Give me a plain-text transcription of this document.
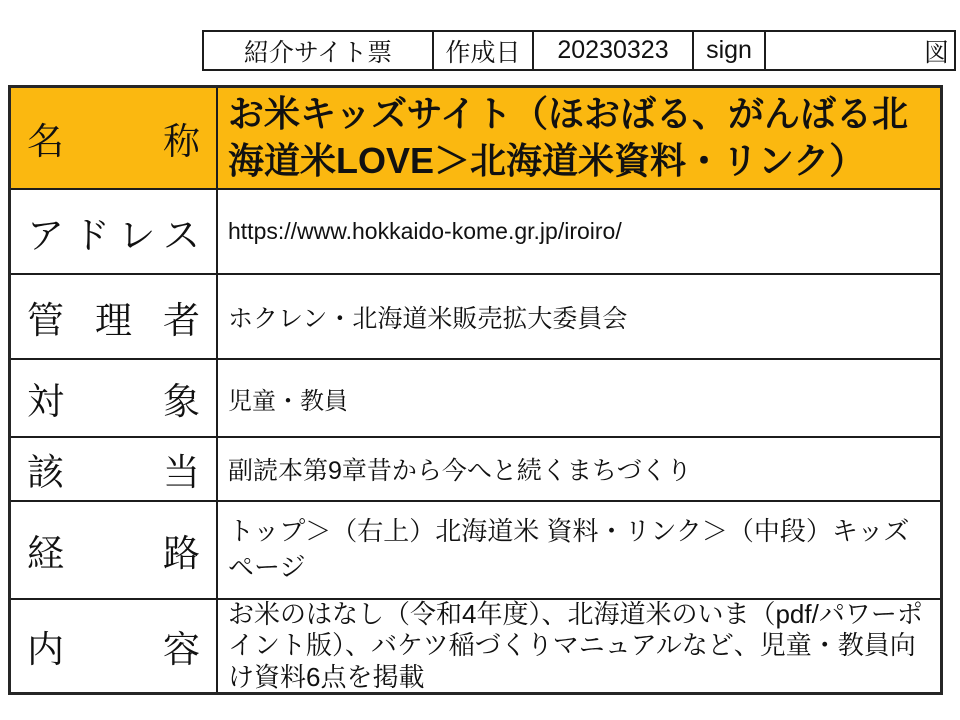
紹介サイト票 作成日 20230323 sign	図
名称
お米キッズサイト（ほおばる、がんばる北海道米LOVE＞北海道米資料・リンク）
アドレス https://www.hokkaido-kome.gr.jp/iroiro/
管理者 ホクレン・北海道米販売拡大委員会
対象 児童・教員
該当 副読本第9章昔から今へと続くまちづくり
経路
トップ＞（右上）北海道米 資料・リンク＞（中段）キッズページ
内容
お米のはなし（令和4年度）、北海道米のいま（pdf/パワーポイント版）、バケツ稲づくりマニュアルなど、児童・教員向け資料6点を掲載
